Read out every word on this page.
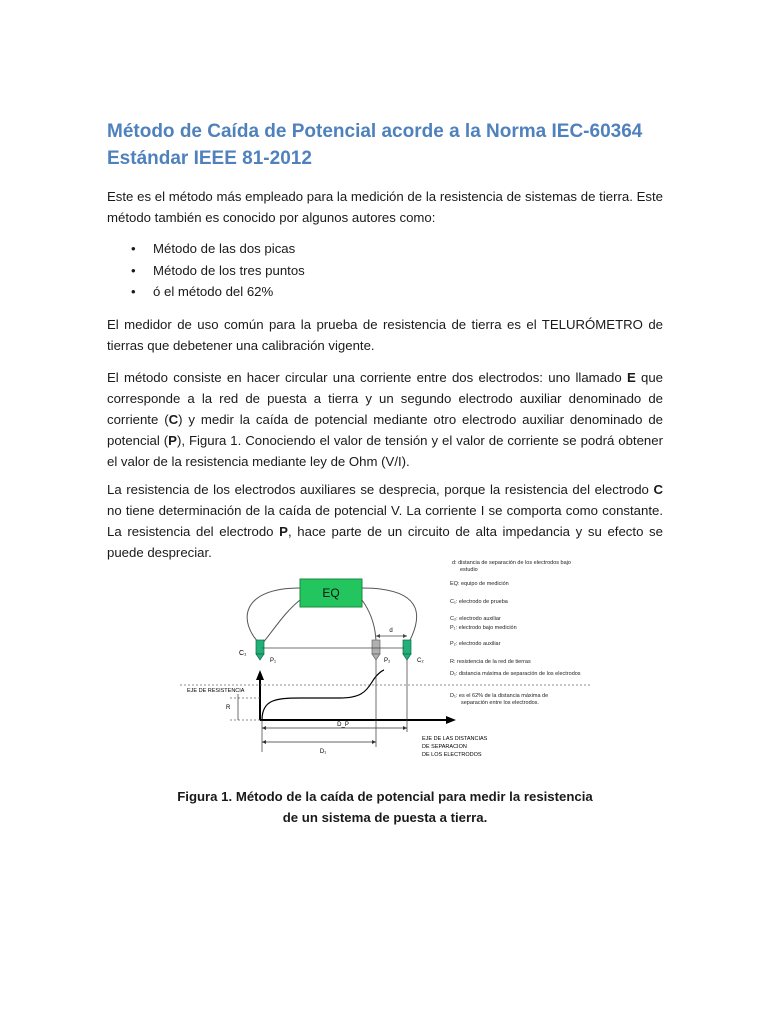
Método de Caída de Potencial acorde a la Norma IEC-60364
Estándar IEEE 81-2012

Este es el método más empleado para la medición de la resistencia de sistemas de tierra. Este método también es conocido por algunos autores como:

• Método de las dos picas
• Método de los tres puntos
• ó el método del 62%

El medidor de uso común para la prueba de resistencia de tierra es el TELURÓMETRO de tierras que debetener una calibración vigente.

El método consiste en hacer circular una corriente entre dos electrodos: uno llamado E que corresponde a la red de puesta a tierra y un segundo electrodo auxiliar denominado de corriente (C) y medir la caída de potencial mediante otro electrodo auxiliar denominado de potencial (P), Figura 1. Conociendo el valor de tensión y el valor de corriente se podrá obtener el valor de la resistencia mediante ley de Ohm (V/I).

La resistencia de los electrodos auxiliares se desprecia, porque la resistencia del electrodo C no tiene determinación de la caída de potencial V. La corriente I se comporta como constante. La resistencia del electrodo P, hace parte de un circuito de alta impedancia y su efecto se puede despreciar.

EQ
d
C₁
P₁	P₂	C₂
D_P
D₁
R
EJE DE RESISTENCIA
EJE DE LAS DISTANCIAS
DE SEPARACION
DE LOS ELECTRODOS
d: distancia de separación de los electrodos bajo
estudio
EQ: equipo de medición
C₁: electrodo de prueba
C₂: electrodo auxiliar
P₁: electrodo bajo medición
P₂: electrodo auxiliar
R: resistencia de la red de tierras
D₁: distancia máxima de separación de los electrodos
D₁: es el 62% de la distancia máxima de
separación entre los electrodos.

Figura 1. Método de la caída de potencial para medir la resistencia
de un sistema de puesta a tierra.
